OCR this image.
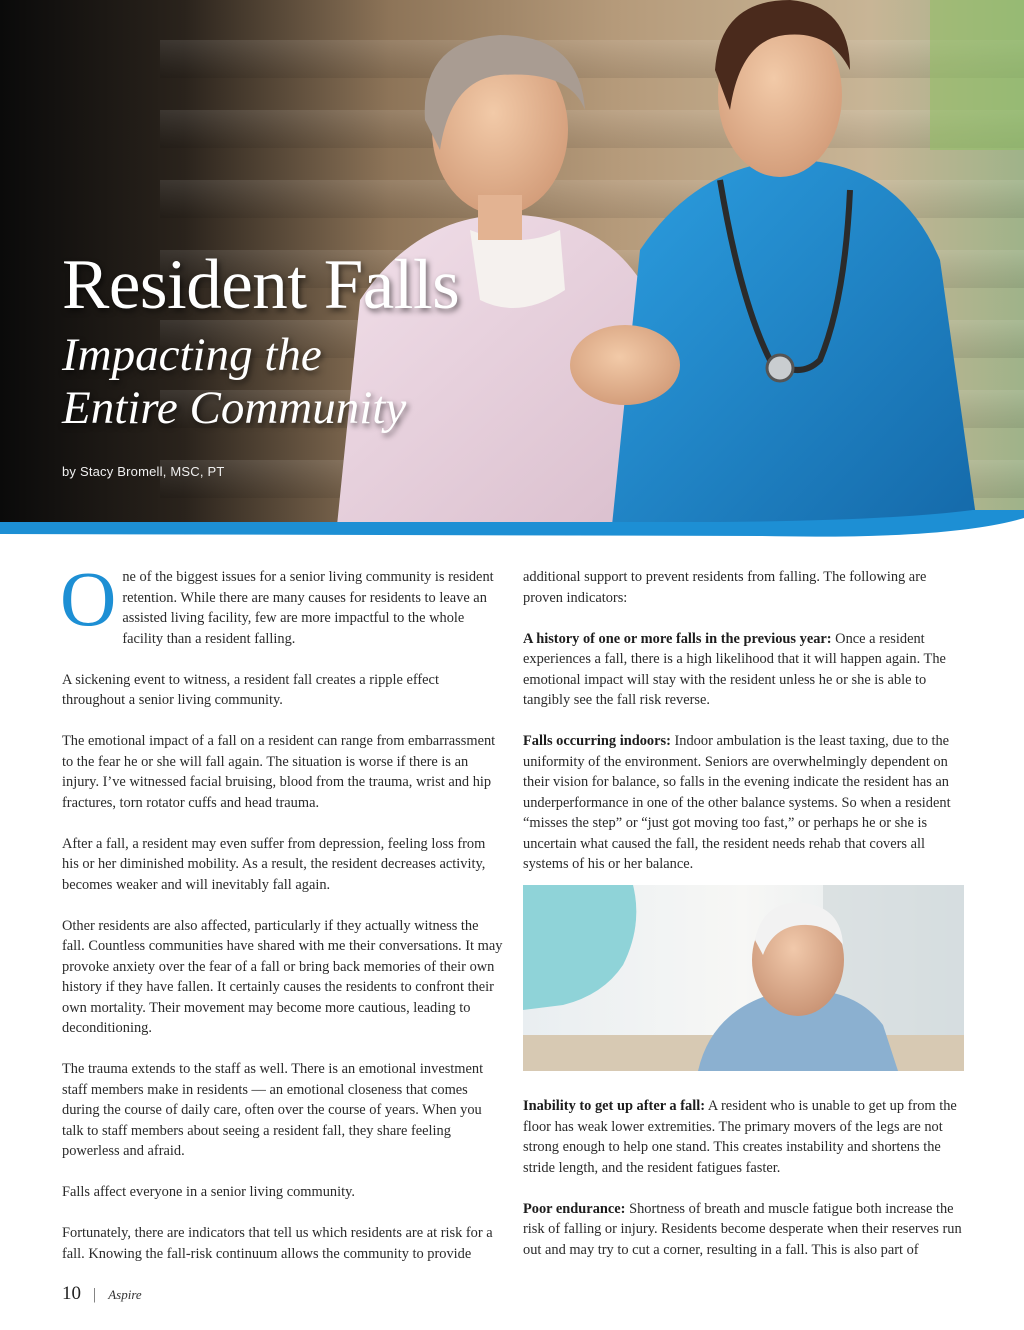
Resident Falls
Impacting the
Entire Community
by Stacy Bromell, MSC, PT

One of the biggest issues for a senior living community is resident retention. While there are many causes for residents to leave an assisted living facility, few are more impactful to the whole facility than a resident falling.

A sickening event to witness, a resident fall creates a ripple effect throughout a senior living community.

The emotional impact of a fall on a resident can range from embarrassment to the fear he or she will fall again. The situation is worse if there is an injury. I’ve witnessed facial bruising, blood from the trauma, wrist and hip fractures, torn rotator cuffs and head trauma.

After a fall, a resident may even suffer from depression, feeling loss from his or her diminished mobility. As a result, the resident decreases activity, becomes weaker and will inevitably fall again.

Other residents are also affected, particularly if they actually witness the fall. Countless communities have shared with me their conversations. It may provoke anxiety over the fear of a fall or bring back memories of their own history if they have fallen. It certainly causes the residents to confront their own mortality. Their movement may become more cautious, leading to deconditioning.

The trauma extends to the staff as well. There is an emotional investment staff members make in residents — an emotional closeness that comes during the course of daily care, often over the course of years. When you talk to staff members about seeing a resident fall, they share feeling powerless and afraid.

Falls affect everyone in a senior living community.

Fortunately, there are indicators that tell us which residents are at risk for a fall. Knowing the fall-risk continuum allows the community to provide

additional support to prevent residents from falling. The following are proven indicators:

A history of one or more falls in the previous year: Once a resident experiences a fall, there is a high likelihood that it will happen again. The emotional impact will stay with the resident unless he or she is able to tangibly see the fall risk reverse.

Falls occurring indoors: Indoor ambulation is the least taxing, due to the uniformity of the environment. Seniors are overwhelmingly dependent on their vision for balance, so falls in the evening indicate the resident has an underperformance in one of the other balance systems. So when a resident “misses the step” or “just got moving too fast,” or perhaps he or she is uncertain what caused the fall, the resident needs rehab that covers all systems of his or her balance.

Inability to get up after a fall: A resident who is unable to get up from the floor has weak lower extremities. The primary movers of the legs are not strong enough to help one stand. This creates instability and shortens the stride length, and the resident fatigues faster.

Poor endurance: Shortness of breath and muscle fatigue both increase the risk of falling or injury. Residents become desperate when their reserves run out and may try to cut a corner, resulting in a fall. This is also part of

10 | Aspire
